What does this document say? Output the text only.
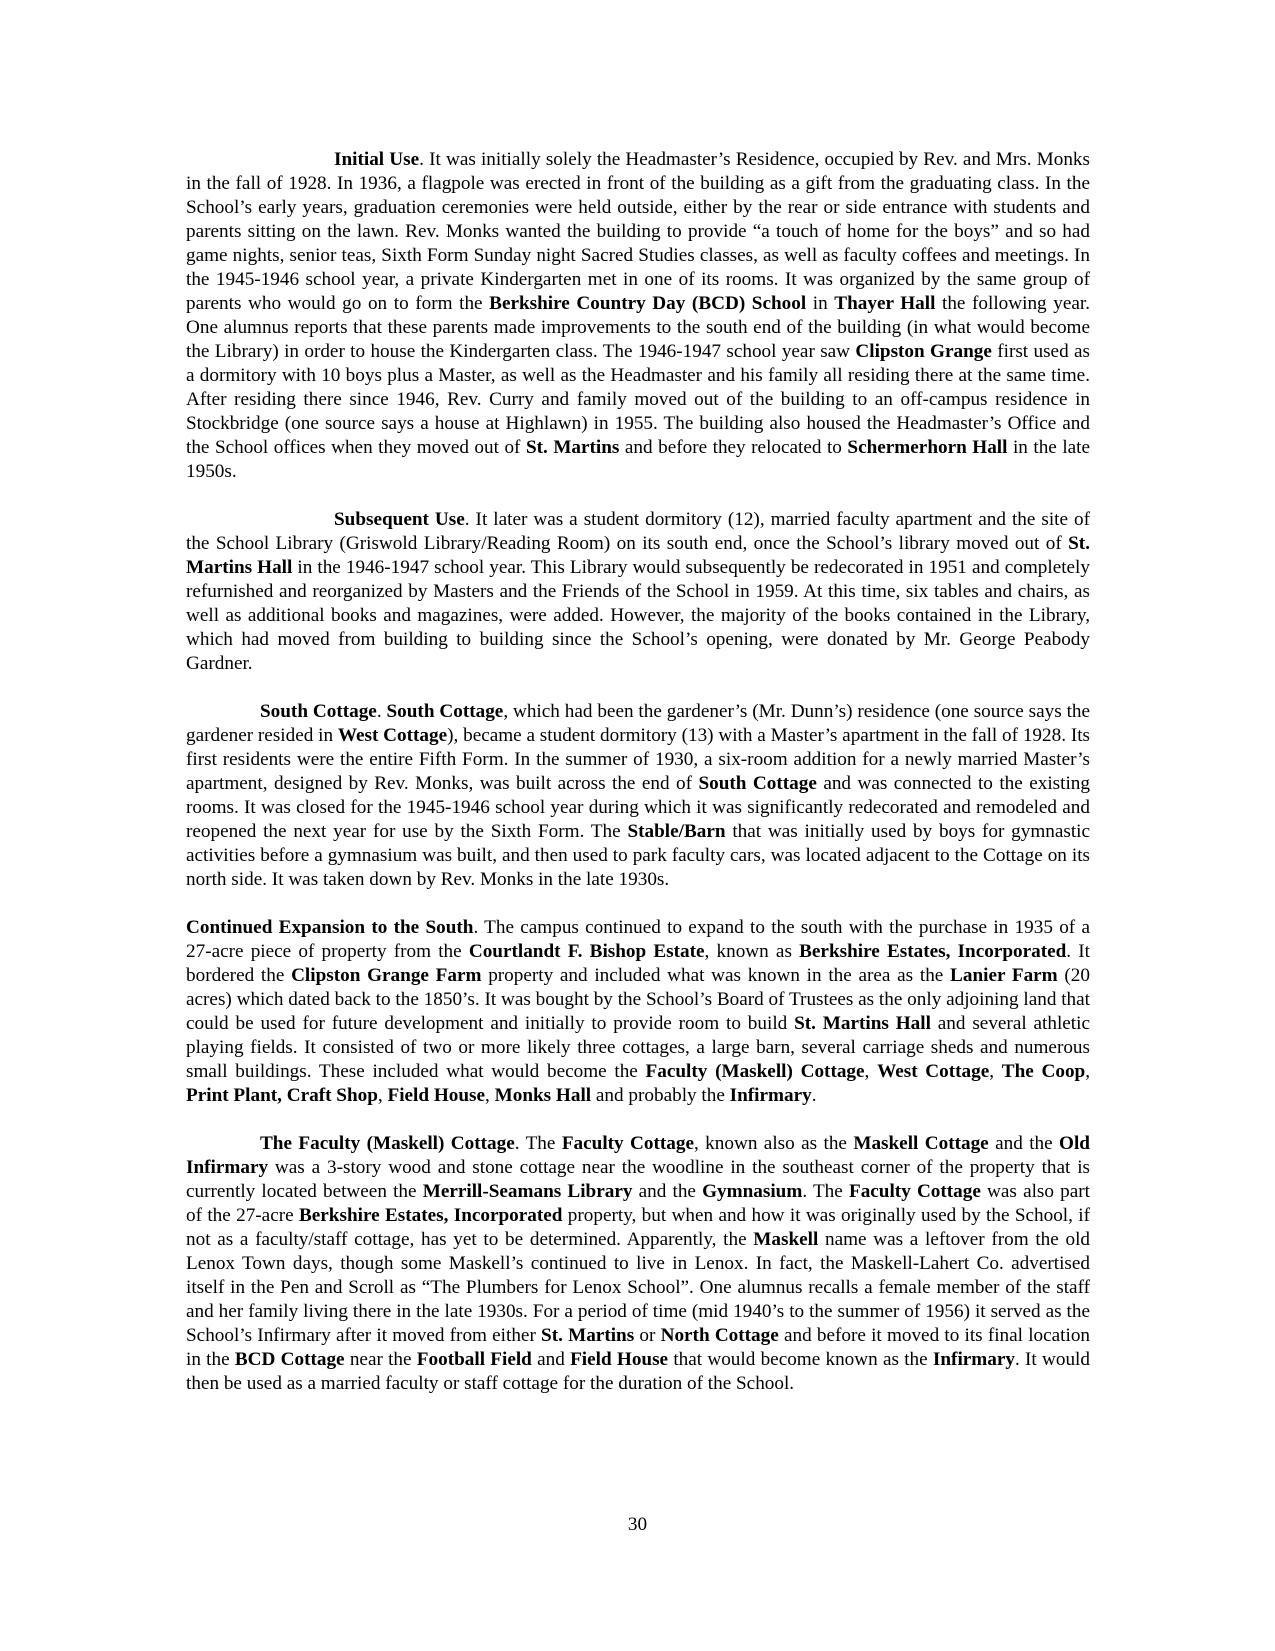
Initial Use. It was initially solely the Headmaster’s Residence, occupied by Rev. and Mrs. Monks in the fall of 1928. In 1936, a flagpole was erected in front of the building as a gift from the graduating class. In the School’s early years, graduation ceremonies were held outside, either by the rear or side entrance with students and parents sitting on the lawn. Rev. Monks wanted the building to provide “a touch of home for the boys” and so had game nights, senior teas, Sixth Form Sunday night Sacred Studies classes, as well as faculty coffees and meetings. In the 1945-1946 school year, a private Kindergarten met in one of its rooms. It was organized by the same group of parents who would go on to form the Berkshire Country Day (BCD) School in Thayer Hall the following year. One alumnus reports that these parents made improvements to the south end of the building (in what would become the Library) in order to house the Kindergarten class. The 1946-1947 school year saw Clipston Grange first used as a dormitory with 10 boys plus a Master, as well as the Headmaster and his family all residing there at the same time. After residing there since 1946, Rev. Curry and family moved out of the building to an off-campus residence in Stockbridge (one source says a house at Highlawn) in 1955. The building also housed the Headmaster’s Office and the School offices when they moved out of St. Martins and before they relocated to Schermerhorn Hall in the late 1950s.

Subsequent Use. It later was a student dormitory (12), married faculty apartment and the site of the School Library (Griswold Library/Reading Room) on its south end, once the School’s library moved out of St. Martins Hall in the 1946-1947 school year. This Library would subsequently be redecorated in 1951 and completely refurnished and reorganized by Masters and the Friends of the School in 1959. At this time, six tables and chairs, as well as additional books and magazines, were added. However, the majority of the books contained in the Library, which had moved from building to building since the School’s opening, were donated by Mr. George Peabody Gardner.

South Cottage. South Cottage, which had been the gardener’s (Mr. Dunn’s) residence (one source says the gardener resided in West Cottage), became a student dormitory (13) with a Master’s apartment in the fall of 1928. Its first residents were the entire Fifth Form. In the summer of 1930, a six-room addition for a newly married Master’s apartment, designed by Rev. Monks, was built across the end of South Cottage and was connected to the existing rooms. It was closed for the 1945-1946 school year during which it was significantly redecorated and remodeled and reopened the next year for use by the Sixth Form. The Stable/Barn that was initially used by boys for gymnastic activities before a gymnasium was built, and then used to park faculty cars, was located adjacent to the Cottage on its north side. It was taken down by Rev. Monks in the late 1930s.

Continued Expansion to the South. The campus continued to expand to the south with the purchase in 1935 of a 27-acre piece of property from the Courtlandt F. Bishop Estate, known as Berkshire Estates, Incorporated. It bordered the Clipston Grange Farm property and included what was known in the area as the Lanier Farm (20 acres) which dated back to the 1850’s. It was bought by the School’s Board of Trustees as the only adjoining land that could be used for future development and initially to provide room to build St. Martins Hall and several athletic playing fields. It consisted of two or more likely three cottages, a large barn, several carriage sheds and numerous small buildings. These included what would become the Faculty (Maskell) Cottage, West Cottage, The Coop, Print Plant, Craft Shop, Field House, Monks Hall and probably the Infirmary.

The Faculty (Maskell) Cottage. The Faculty Cottage, known also as the Maskell Cottage and the Old Infirmary was a 3-story wood and stone cottage near the woodline in the southeast corner of the property that is currently located between the Merrill-Seamans Library and the Gymnasium. The Faculty Cottage was also part of the 27-acre Berkshire Estates, Incorporated property, but when and how it was originally used by the School, if not as a faculty/staff cottage, has yet to be determined. Apparently, the Maskell name was a leftover from the old Lenox Town days, though some Maskell’s continued to live in Lenox. In fact, the Maskell-Lahert Co. advertised itself in the Pen and Scroll as “The Plumbers for Lenox School”. One alumnus recalls a female member of the staff and her family living there in the late 1930s. For a period of time (mid 1940’s to the summer of 1956) it served as the School’s Infirmary after it moved from either St. Martins or North Cottage and before it moved to its final location in the BCD Cottage near the Football Field and Field House that would become known as the Infirmary. It would then be used as a married faculty or staff cottage for the duration of the School.

30
